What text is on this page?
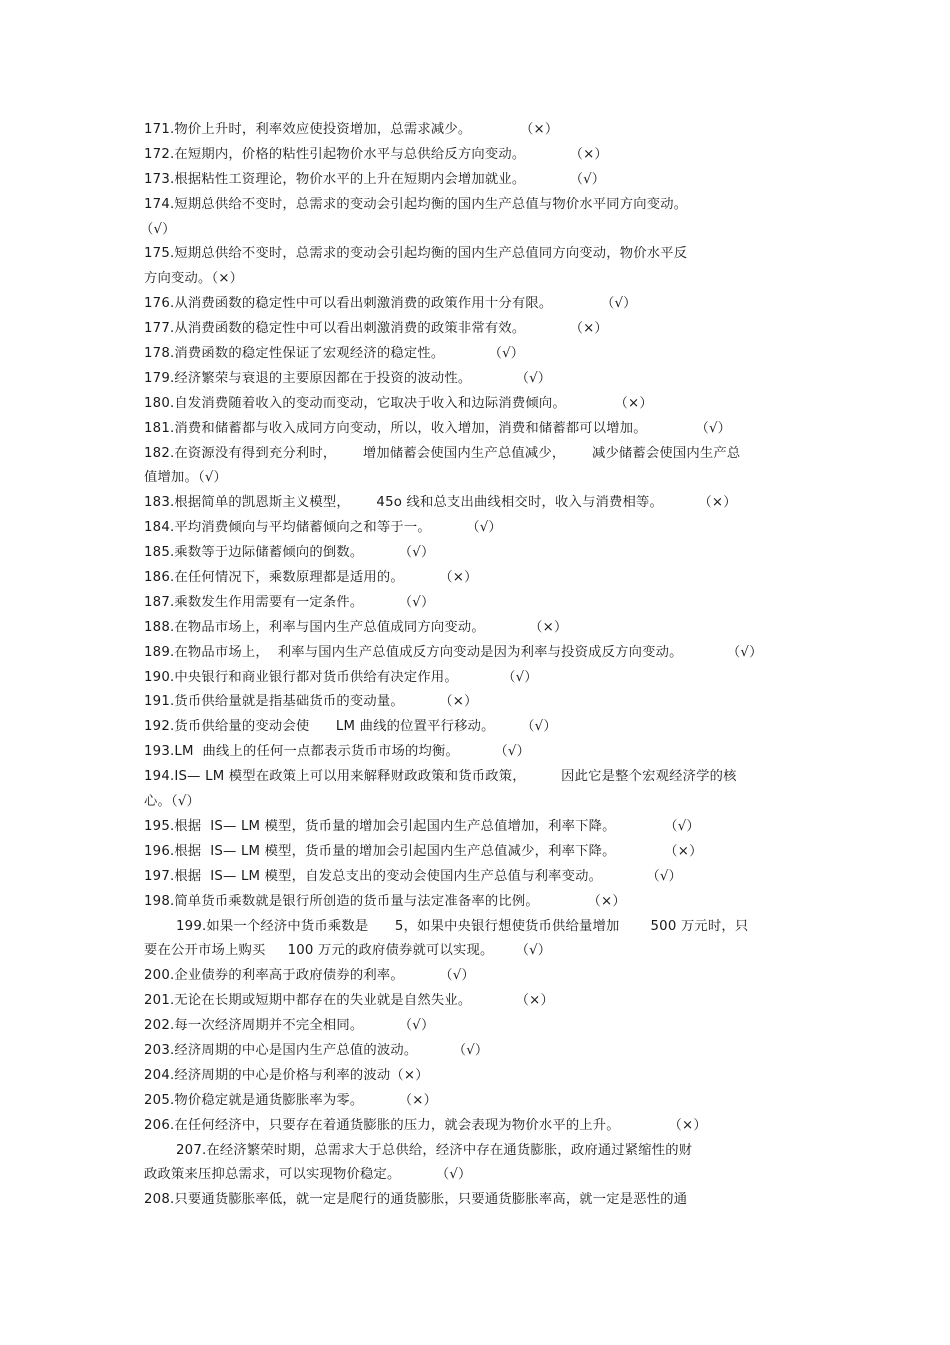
171.物价上升时，利率效应使投资增加，总需求减少。           （×）
172.在短期内，价格的粘性引起物价水平与总供给反方向变动。          （×）
173.根据粘性工资理论，物价水平的上升在短期内会增加就业。          （√）
174.短期总供给不变时，总需求的变动会引起均衡的国内生产总值与物价水平同方向变动。
（√）
175.短期总供给不变时，总需求的变动会引起均衡的国内生产总值同方向变动，物价水平反
方向变动。（×）
176.从消费函数的稳定性中可以看出刺激消费的政策作用十分有限。           （√）
177.从消费函数的稳定性中可以看出刺激消费的政策非常有效。          （×）
178.消费函数的稳定性保证了宏观经济的稳定性。          （√）
179.经济繁荣与衰退的主要原因都在于投资的波动性。          （√）
180.自发消费随着收入的变动而变动，它取决于收入和边际消费倾向。           （×）
181.消费和储蓄都与收入成同方向变动，所以，收入增加，消费和储蓄都可以增加。           （√）
182.在资源没有得到充分利时，      增加储蓄会使国内生产总值减少，      减少储蓄会使国内生产总
值增加。（√）
183.根据简单的凯恩斯主义模型，      45o 线和总支出曲线相交时，收入与消费相等。        （×）
184.平均消费倾向与平均储蓄倾向之和等于一。        （√）
185.乘数等于边际储蓄倾向的倒数。        （√）
186.在任何情况下，乘数原理都是适用的。        （×）
187.乘数发生作用需要有一定条件。        （√）
188.在物品市场上，利率与国内生产总值成同方向变动。          （×）
189.在物品市场上，  利率与国内生产总值成反方向变动是因为利率与投资成反方向变动。          （√）
190.中央银行和商业银行都对货币供给有决定作用。          （√）
191.货币供给量就是指基础货币的变动量。        （×）
192.货币供给量的变动会使      LM 曲线的位置平行移动。      （√）
193.LM  曲线上的任何一点都表示货币市场的均衡。        （√）
194.IS— LM 模型在政策上可以用来解释财政政策和货币政策，        因此它是整个宏观经济学的核
心。（√）
195.根据  IS— LM 模型，货币量的增加会引起国内生产总值增加，利率下降。           （√）
196.根据  IS— LM 模型，货币量的增加会引起国内生产总值减少，利率下降。           （×）
197.根据  IS— LM 模型，自发总支出的变动会使国内生产总值与利率变动。          （√）
198.简单货币乘数就是银行所创造的货币量与法定准备率的比例。           （×）
199.如果一个经济中货币乘数是      5，如果中央银行想使货币供给量增加       500 万元时，只
要在公开市场上购买     100 万元的政府债券就可以实现。     （√）
200.企业债券的利率高于政府债券的利率。        （√）
201.无论在长期或短期中都存在的失业就是自然失业。          （×）
202.每一次经济周期并不完全相同。        （√）
203.经济周期的中心是国内生产总值的波动。        （√）
204.经济周期的中心是价格与利率的波动（×）
205.物价稳定就是通货膨胀率为零。        （×）
206.在任何经济中，只要存在着通货膨胀的压力，就会表现为物价水平的上升。           （×）
207.在经济繁荣时期，总需求大于总供给，经济中存在通货膨胀，政府通过紧缩性的财
政政策来压抑总需求，可以实现物价稳定。        （√）
208.只要通货膨胀率低，就一定是爬行的通货膨胀，只要通货膨胀率高，就一定是恶性的通
